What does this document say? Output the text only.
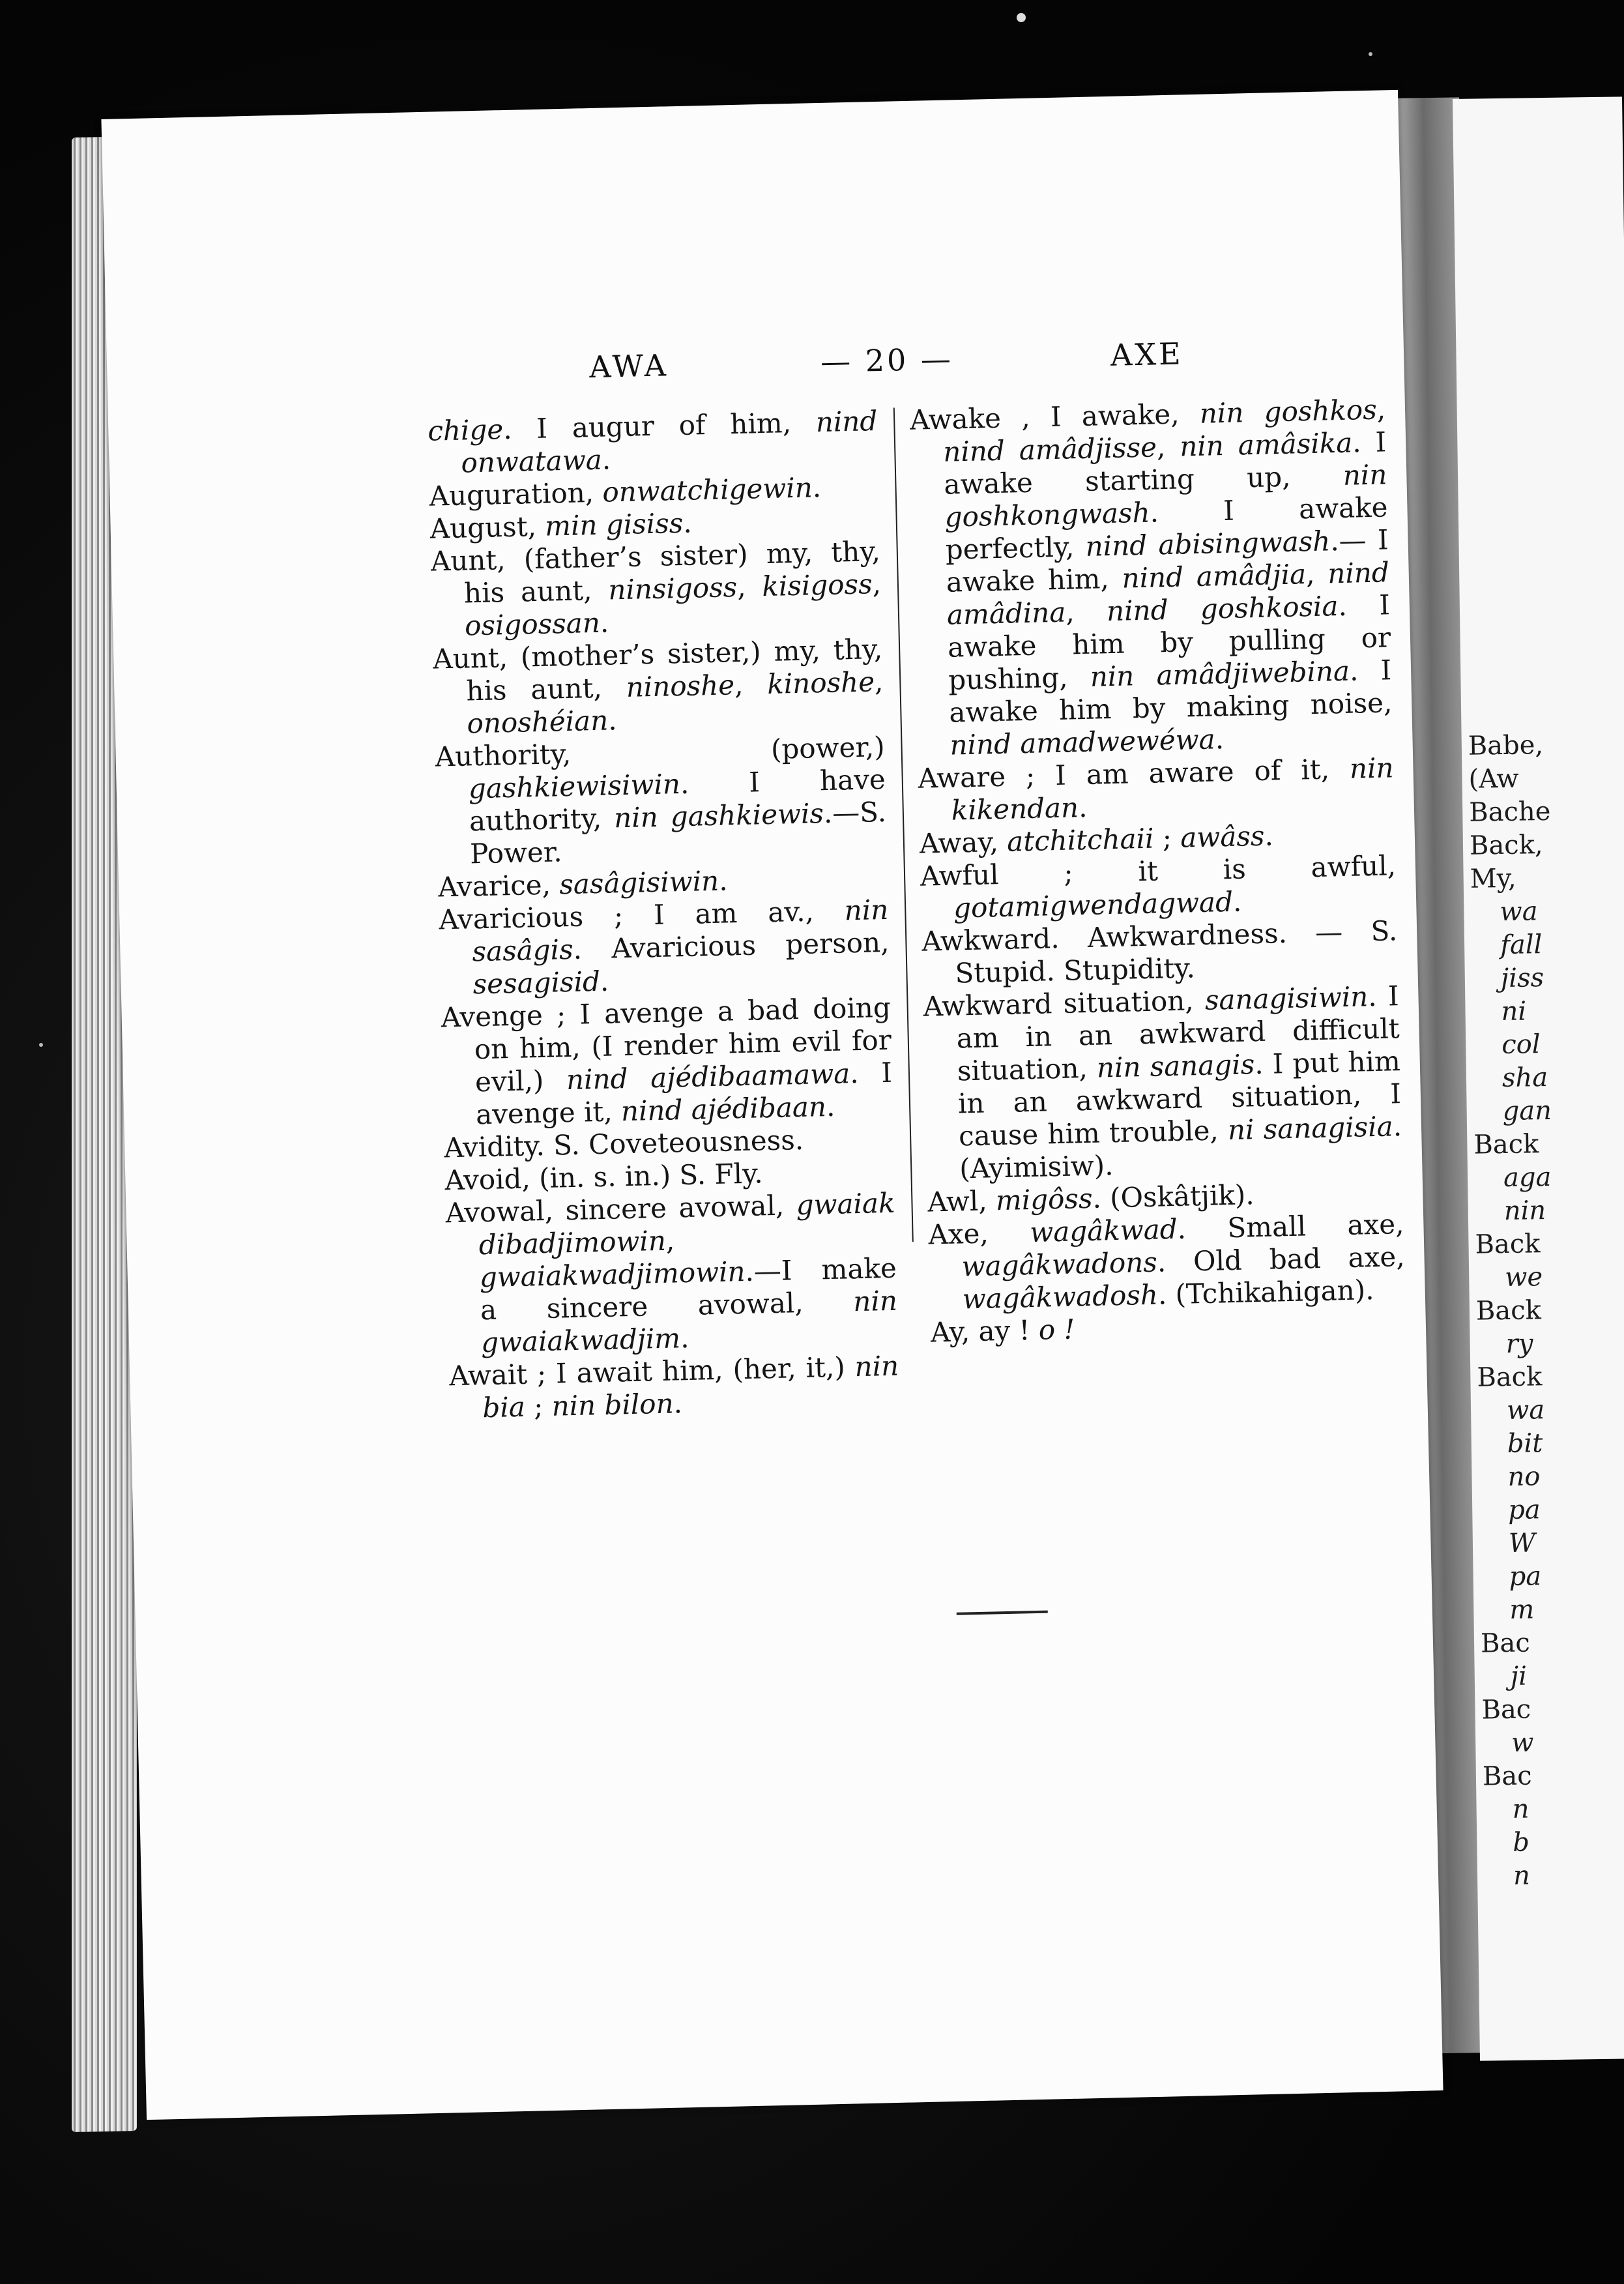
Babe,
(Aw
Bache
Back,
My,
wa
fall
jiss
ni
col
sha
gan
Back
aga
nin
Back
we
Back
ry
Back
wa
bit
no
pa
W
pa
m
Bac
ji
Bac
w
Bac
n
b
n
AWA	— 20 —	AXE

chige. I augur of him, nind onwatawa.

Auguration, onwatchigewin.

August, min gisiss.

Aunt, (father’s sister) my, thy, his aunt, ninsigoss, kisigoss, osigossan.

Aunt, (mother’s sister,) my, thy, his aunt, ninoshe, kinoshe, onoshéian.

Authority, (power,) gashkiewisiwin. I have authority, nin gashkiewis.—S. Power.

Avarice, sasâgisiwin.

Avaricious ; I am av., nin sasâgis. Avaricious person, sesagisid.

Avenge ; I avenge a bad doing on him, (I render him evil for evil,) nind ajédibaamawa. I avenge it, nind ajédibaan.

Avidity. S. Coveteousness.

Avoid, (in. s. in.) S. Fly.

Avowal, sincere avowal, gwaiak dibadjimowin, gwaiakwadjimowin.—I make a sincere avowal, nin gwaiakwadjim.

Await ; I await him, (her, it,) nin bia ; nin bilon.

Awake , I awake, nin goshkos, nind amâdjisse, nin amâsika. I awake starting up, nin goshkongwash. I awake perfectly, nind abisingwash.— I awake him, nind amâdjia, nind amâdina, nind goshkosia. I awake him by pulling or pushing, nin amâdjiwebina. I awake him by making noise, nind amadwewéwa.

Aware ; I am aware of it, nin kikendan.

Away, atchitchaii ; awâss.

Awful ; it is awful, gotamigwendagwad.

Awkward. Awkwardness. — S. Stupid. Stupidity.

Awkward situation, sanagisiwin. I am in an awkward difficult situation, nin sanagis. I put him in an awkward situation, I cause him trouble, ni sanagisia. (Ayimisiw).

Awl, migôss. (Oskâtjik).

Axe, wagâkwad. Small axe, wagâkwadons. Old bad axe, wagâkwadosh. (Tchikahigan).

Ay, ay ! o !
